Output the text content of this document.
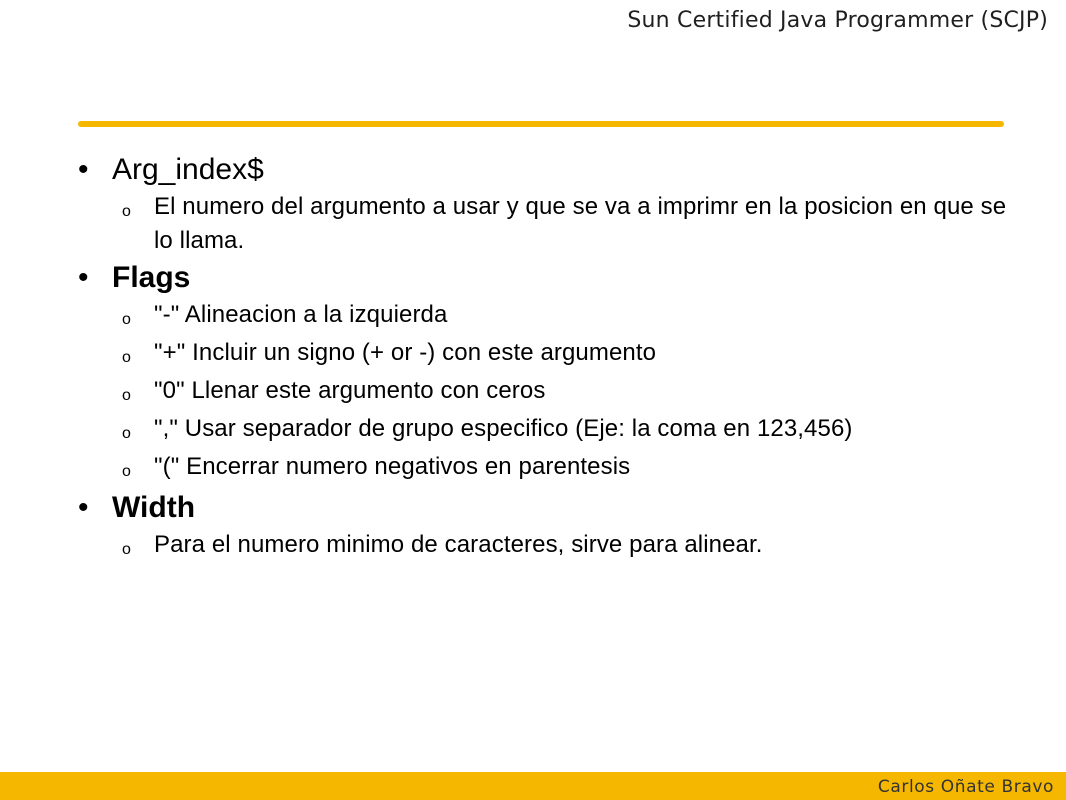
Sun Certified Java Programmer (SCJP)
• Arg_index$
o El numero del argumento a usar y que se va a imprimr en la posicion en que se lo llama.
• Flags
o "-" Alineacion a la izquierda
o "+" Incluir un signo (+ or -) con este argumento
o "0" Llenar este argumento con ceros
o "," Usar separador de grupo especifico (Eje: la coma en 123,456)
o "(" Encerrar numero negativos en parentesis
• Width
o Para el numero minimo de caracteres, sirve para alinear.
Carlos Oñate Bravo
